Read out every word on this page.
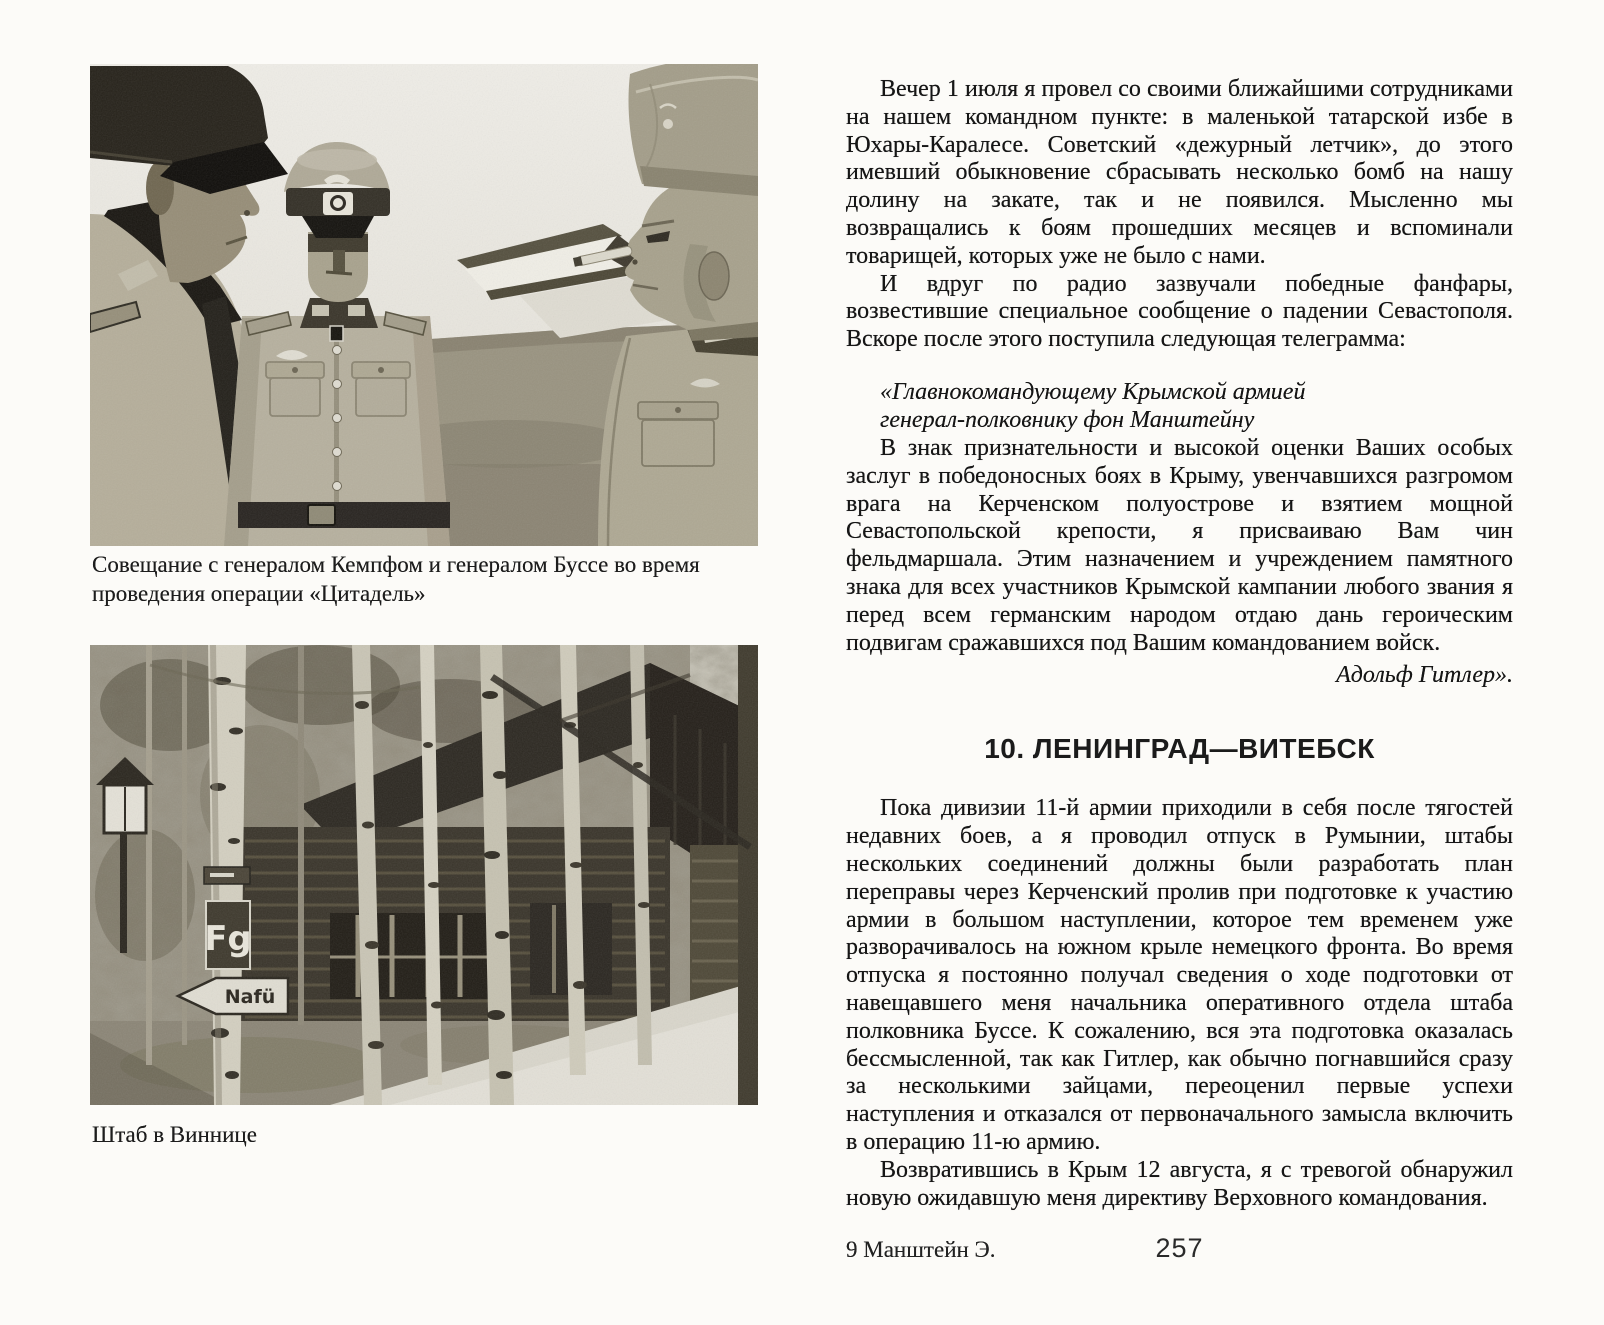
Совещание с генералом Кемпфом и генералом Буссе во время проведения операции «Цитадель»
Fg
Nafü
Штаб в Виннице

Вечер 1 июля я провел со своими ближайшими сотрудниками на нашем командном пункте: в маленькой татарской избе в Юхары-Каралесе. Советский «дежурный летчик», до этого имевший обыкновение сбрасывать несколько бомб на нашу долину на закате, так и не появился. Мысленно мы возвращались к боям прошедших месяцев и вспоминали товарищей, которых уже не было с нами.

И вдруг по радио зазвучали победные фанфары, возвестившие специальное сообщение о падении Севастополя. Вскоре после этого поступила следующая телеграмма:

«Главнокомандующему Крымской армией
генерал-полковнику фон Манштейну

В знак признательности и высокой оценки Ваших особых заслуг в победоносных боях в Крыму, увенчавшихся разгромом врага на Керченском полуострове и взятием мощной Севастопольской крепости, я присваиваю Вам чин фельдмаршала. Этим назначением и учреждением памятного знака для всех участников Крымской кампании любого звания я перед всем германским народом отдаю дань героическим подвигам сражавшихся под Вашим командованием войск.

Адольф Гитлер».
10. ЛЕНИНГРАД—ВИТЕБСК

Пока дивизии 11-й армии приходили в себя после тягостей недавних боев, а я проводил отпуск в Румынии, штабы нескольких соединений должны были разработать план переправы через Керченский пролив при подготовке к участию армии в большом наступлении, которое тем временем уже разворачивалось на южном крыле немецкого фронта. Во время отпуска я постоянно получал сведения о ходе подготовки от навещавшего меня начальника оперативного отдела штаба полковника Буссе. К сожалению, вся эта подготовка оказалась бессмысленной, так как Гитлер, как обычно погнавшийся сразу за несколькими зайцами, переоценил первые успехи наступления и отказался от первоначального замысла включить в операцию 11-ю армию.

Возвратившись в Крым 12 августа, я с тревогой обнаружил новую ожидавшую меня директиву Верховного командования.

9 Манштейн Э.	257
